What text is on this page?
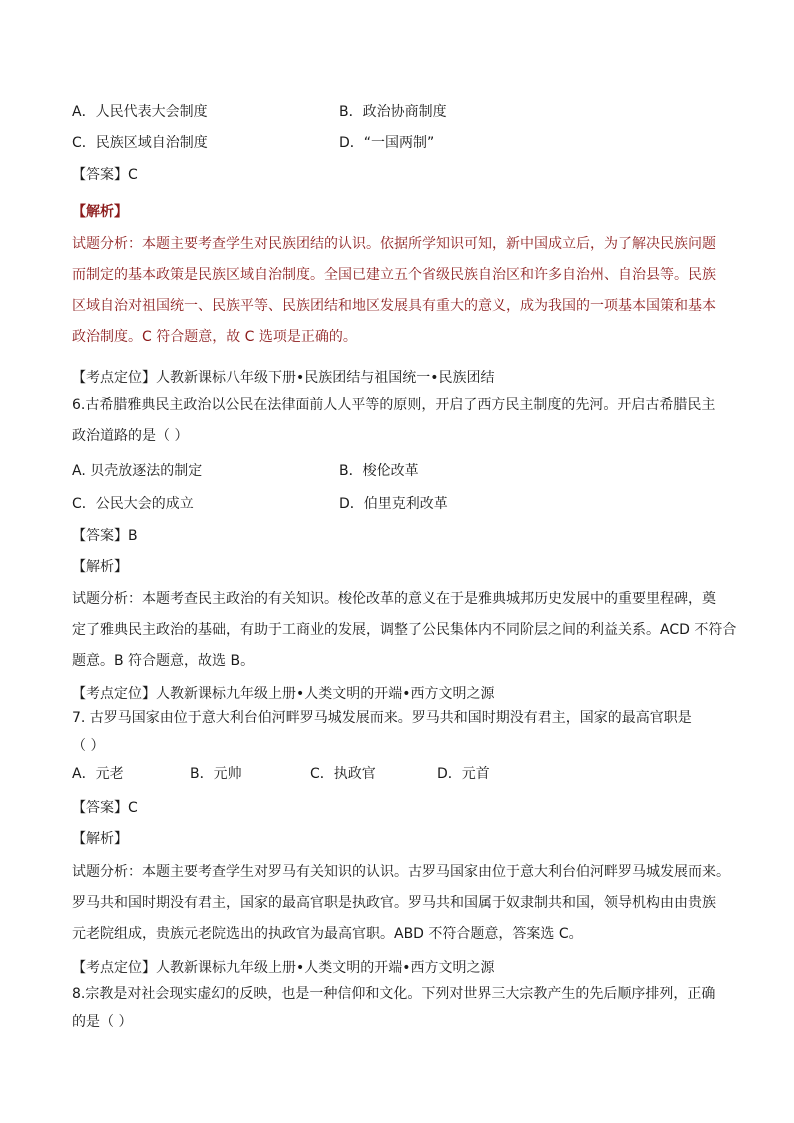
A．人民代表大会制度	B．政治协商制度
C．民族区域自治制度	D．“一国两制”
【答案】C
【解析】

试题分析：本题主要考查学生对民族团结的认识。依据所学知识可知，新中国成立后，为了解决民族问题

而制定的基本政策是民族区域自治制度。全国已建立五个省级民族自治区和许多自治州、自治县等。民族

区域自治对祖国统一、民族平等、民族团结和地区发展具有重大的意义，成为我国的一项基本国策和基本

政治制度。C 符合题意，故 C 选项是正确的。

【考点定位】人教新课标八年级下册•民族团结与祖国统一•民族团结

6.古希腊雅典民主政治以公民在法律面前人人平等的原则，开启了西方民主制度的先河。开启古希腊民主

政治道路的是（ ）

A. 贝壳放逐法的制定	B．梭伦改革
C．公民大会的成立	D．伯里克利改革
【答案】B
【解析】

试题分析：本题考查民主政治的有关知识。梭伦改革的意义在于是雅典城邦历史发展中的重要里程碑，奠

定了雅典民主政治的基础，有助于工商业的发展，调整了公民集体内不同阶层之间的利益关系。ACD 不符合

题意。B 符合题意，故选 B。

【考点定位】人教新课标九年级上册•人类文明的开端•西方文明之源

7. 古罗马国家由位于意大利台伯河畔罗马城发展而来。罗马共和国时期没有君主，国家的最高官职是

（ ）

A．元老	B．元帅	C．执政官	D．元首
【答案】C
【解析】

试题分析：本题主要考查学生对罗马有关知识的认识。古罗马国家由位于意大利台伯河畔罗马城发展而来。

罗马共和国时期没有君主，国家的最高官职是执政官。罗马共和国属于奴隶制共和国，领导机构由由贵族

元老院组成，贵族元老院选出的执政官为最高官职。ABD 不符合题意，答案选 C。

【考点定位】人教新课标九年级上册•人类文明的开端•西方文明之源

8.宗教是对社会现实虚幻的反映，也是一种信仰和文化。下列对世界三大宗教产生的先后顺序排列，正确

的是（ ）
